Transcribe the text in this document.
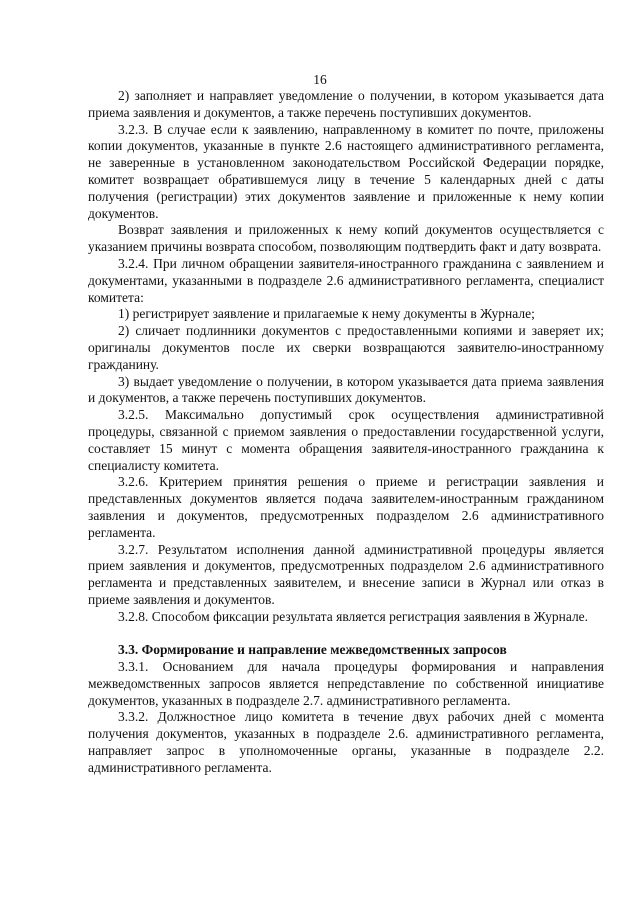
16

2) заполняет и направляет уведомление о получении, в котором указывается дата приема заявления и документов, а также перечень поступивших документов.

3.2.3. В случае если к заявлению, направленному в комитет по почте, приложены копии документов, указанные в пункте 2.6 настоящего административного регламента, не заверенные в установленном законодательством Российской Федерации порядке, комитет возвращает обратившемуся лицу в течение 5 календарных дней с даты получения (регистрации) этих документов заявление и приложенные к нему копии документов.

Возврат заявления и приложенных к нему копий документов осуществляется с указанием причины возврата способом, позволяющим подтвердить факт и дату возврата.

3.2.4. При личном обращении заявителя-иностранного гражданина с заявлением и документами, указанными в подразделе 2.6 административного регламента, специалист комитета:

1) регистрирует заявление и прилагаемые к нему документы в Журнале;

2) сличает подлинники документов с предоставленными копиями и заверяет их; оригиналы документов после их сверки возвращаются заявителю-иностранному гражданину.

3) выдает уведомление о получении, в котором указывается дата приема заявления и документов, а также перечень поступивших документов.

3.2.5. Максимально допустимый срок осуществления административной процедуры, связанной с приемом заявления о предоставлении государственной услуги, составляет 15 минут с момента обращения заявителя-иностранного гражданина к специалисту комитета.

3.2.6. Критерием принятия решения о приеме и регистрации заявления и представленных документов является подача заявителем-иностранным гражданином заявления и документов, предусмотренных подразделом 2.6 административного регламента.

3.2.7. Результатом исполнения данной административной процедуры является прием заявления и документов, предусмотренных подразделом 2.6 административного регламента и представленных заявителем, и внесение записи в Журнал или отказ в приеме заявления и документов.

3.2.8. Способом фиксации результата является регистрация заявления в Журнале.

3.3. Формирование и направление межведомственных запросов

3.3.1. Основанием для начала процедуры формирования и направления межведомственных запросов является непредставление по собственной инициативе документов, указанных в подразделе 2.7. административного регламента.

3.3.2. Должностное лицо комитета в течение двух рабочих дней с момента получения документов, указанных в подразделе 2.6. административного регламента, направляет запрос в уполномоченные органы, указанные в подразделе 2.2. административного регламента.
